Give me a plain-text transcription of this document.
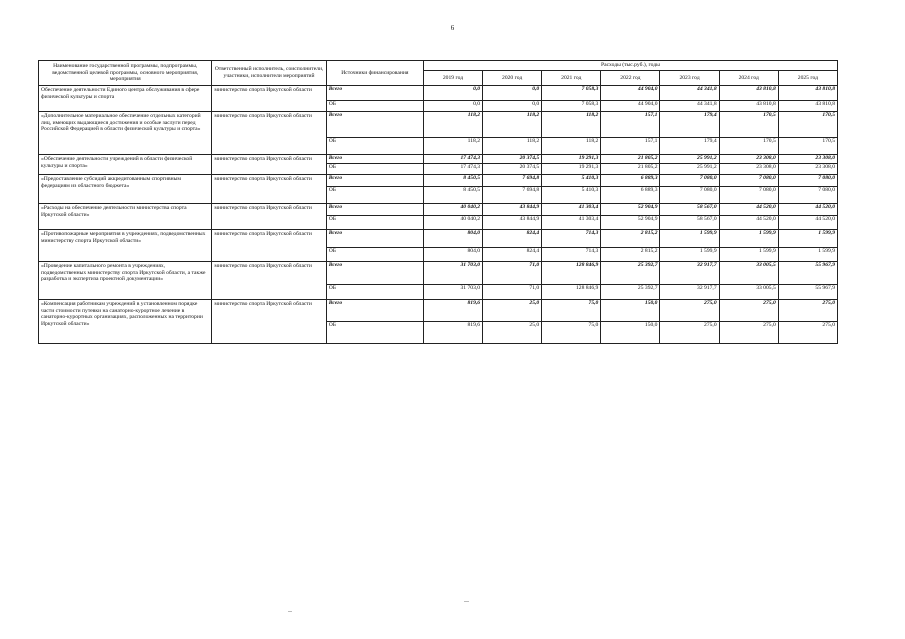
6
Наименование государственной программы, подпрограммы, ведомственной целевой программы, основного мероприятия, мероприятия	Ответственный исполнитель, соисполнители, участники, исполнители мероприятий	Источники финансирования	Расходы (тыс.руб.), годы						
			2019 год	2020 год	2021 год	2022 год	2023 год	2024 год	2025 год
Обеспечение деятельности Единого центра обслуживания в сфере физической культуры и спорта	министерство спорта Иркутской области	Всего	0,0	0,0	7 058,3	44 904,0	44 341,8	43 810,8	43 810,8
		ОБ	0,0	0,0	7 058,3	44 904,0	44 341,8	43 810,8	43 810,8
«Дополнительное материальное обеспечение отдельных категорий лиц, имеющих выдающиеся достижения и особые заслуги перед Российской Федерацией в области физической культуры и спорта»	министерство спорта Иркутской области	Всего	118,2	118,2	118,2	157,1	179,4	170,5	170,5
		ОБ	118,2	118,2	118,2	157,1	179,4	170,5	170,5
«Обеспечение деятельности учреждений в области физической культуры и спорта»	министерство спорта Иркутской области	Всего	17 474,3	20 374,5	19 291,3	21 805,2	25 991,2	23 308,0	23 308,0
		ОБ	17 474,3	20 374,5	19 291,3	21 805,2	25 991,2	23 308,0	23 308,0
«Предоставление субсидий аккредитованным спортивным федерациям из областного бюджета»	министерство спорта Иркутской области	Всего	8 450,5	7 694,8	5 410,3	6 889,3	7 080,0	7 080,0	7 080,0
		ОБ	8 450,5	7 694,8	5 410,3	6 889,3	7 080,0	7 080,0	7 080,0
«Расходы на обеспечение деятельности министерства спорта Иркутской области»	министерство спорта Иркутской области	Всего	40 040,2	43 844,9	41 303,4	52 904,9	58 567,0	44 520,0	44 520,0
		ОБ	40 040,2	43 844,9	41 303,4	52 904,9	58 567,0	44 520,0	44 520,0
«Противопожарные мероприятия в учреждениях, подведомственных министерству спорта Иркутской области»	министерство спорта Иркутской области	Всего	804,0	824,4	714,3	2 815,2	1 599,9	1 599,9	1 599,9
		ОБ	804,0	824,4	714,3	2 815,2	1 599,9	1 599,9	1 599,9
«Проведение капитального ремонта в учреждениях, подведомственных министерству спорта Иркутской области, а также разработка и экспертиза проектной документации»	министерство спорта Иркутской области	Всего	31 703,0	71,0	128 846,9	25 392,7	32 917,7	33 005,5	55 967,9
		ОБ	31 703,0	71,0	128 846,9	25 392,7	32 917,7	33 005,5	55 967,9
«Компенсация работникам учреждений в установленном порядке части стоимости путевки на санаторно-курортное лечение в санаторно-курортных организациях, расположенных на территории Иркутской области»	министерство спорта Иркутской области	Всего	819,6	25,0	75,0	150,0	275,0	275,0	275,0
		ОБ	819,6	25,0	75,0	150,0	275,0	275,0	275,0
